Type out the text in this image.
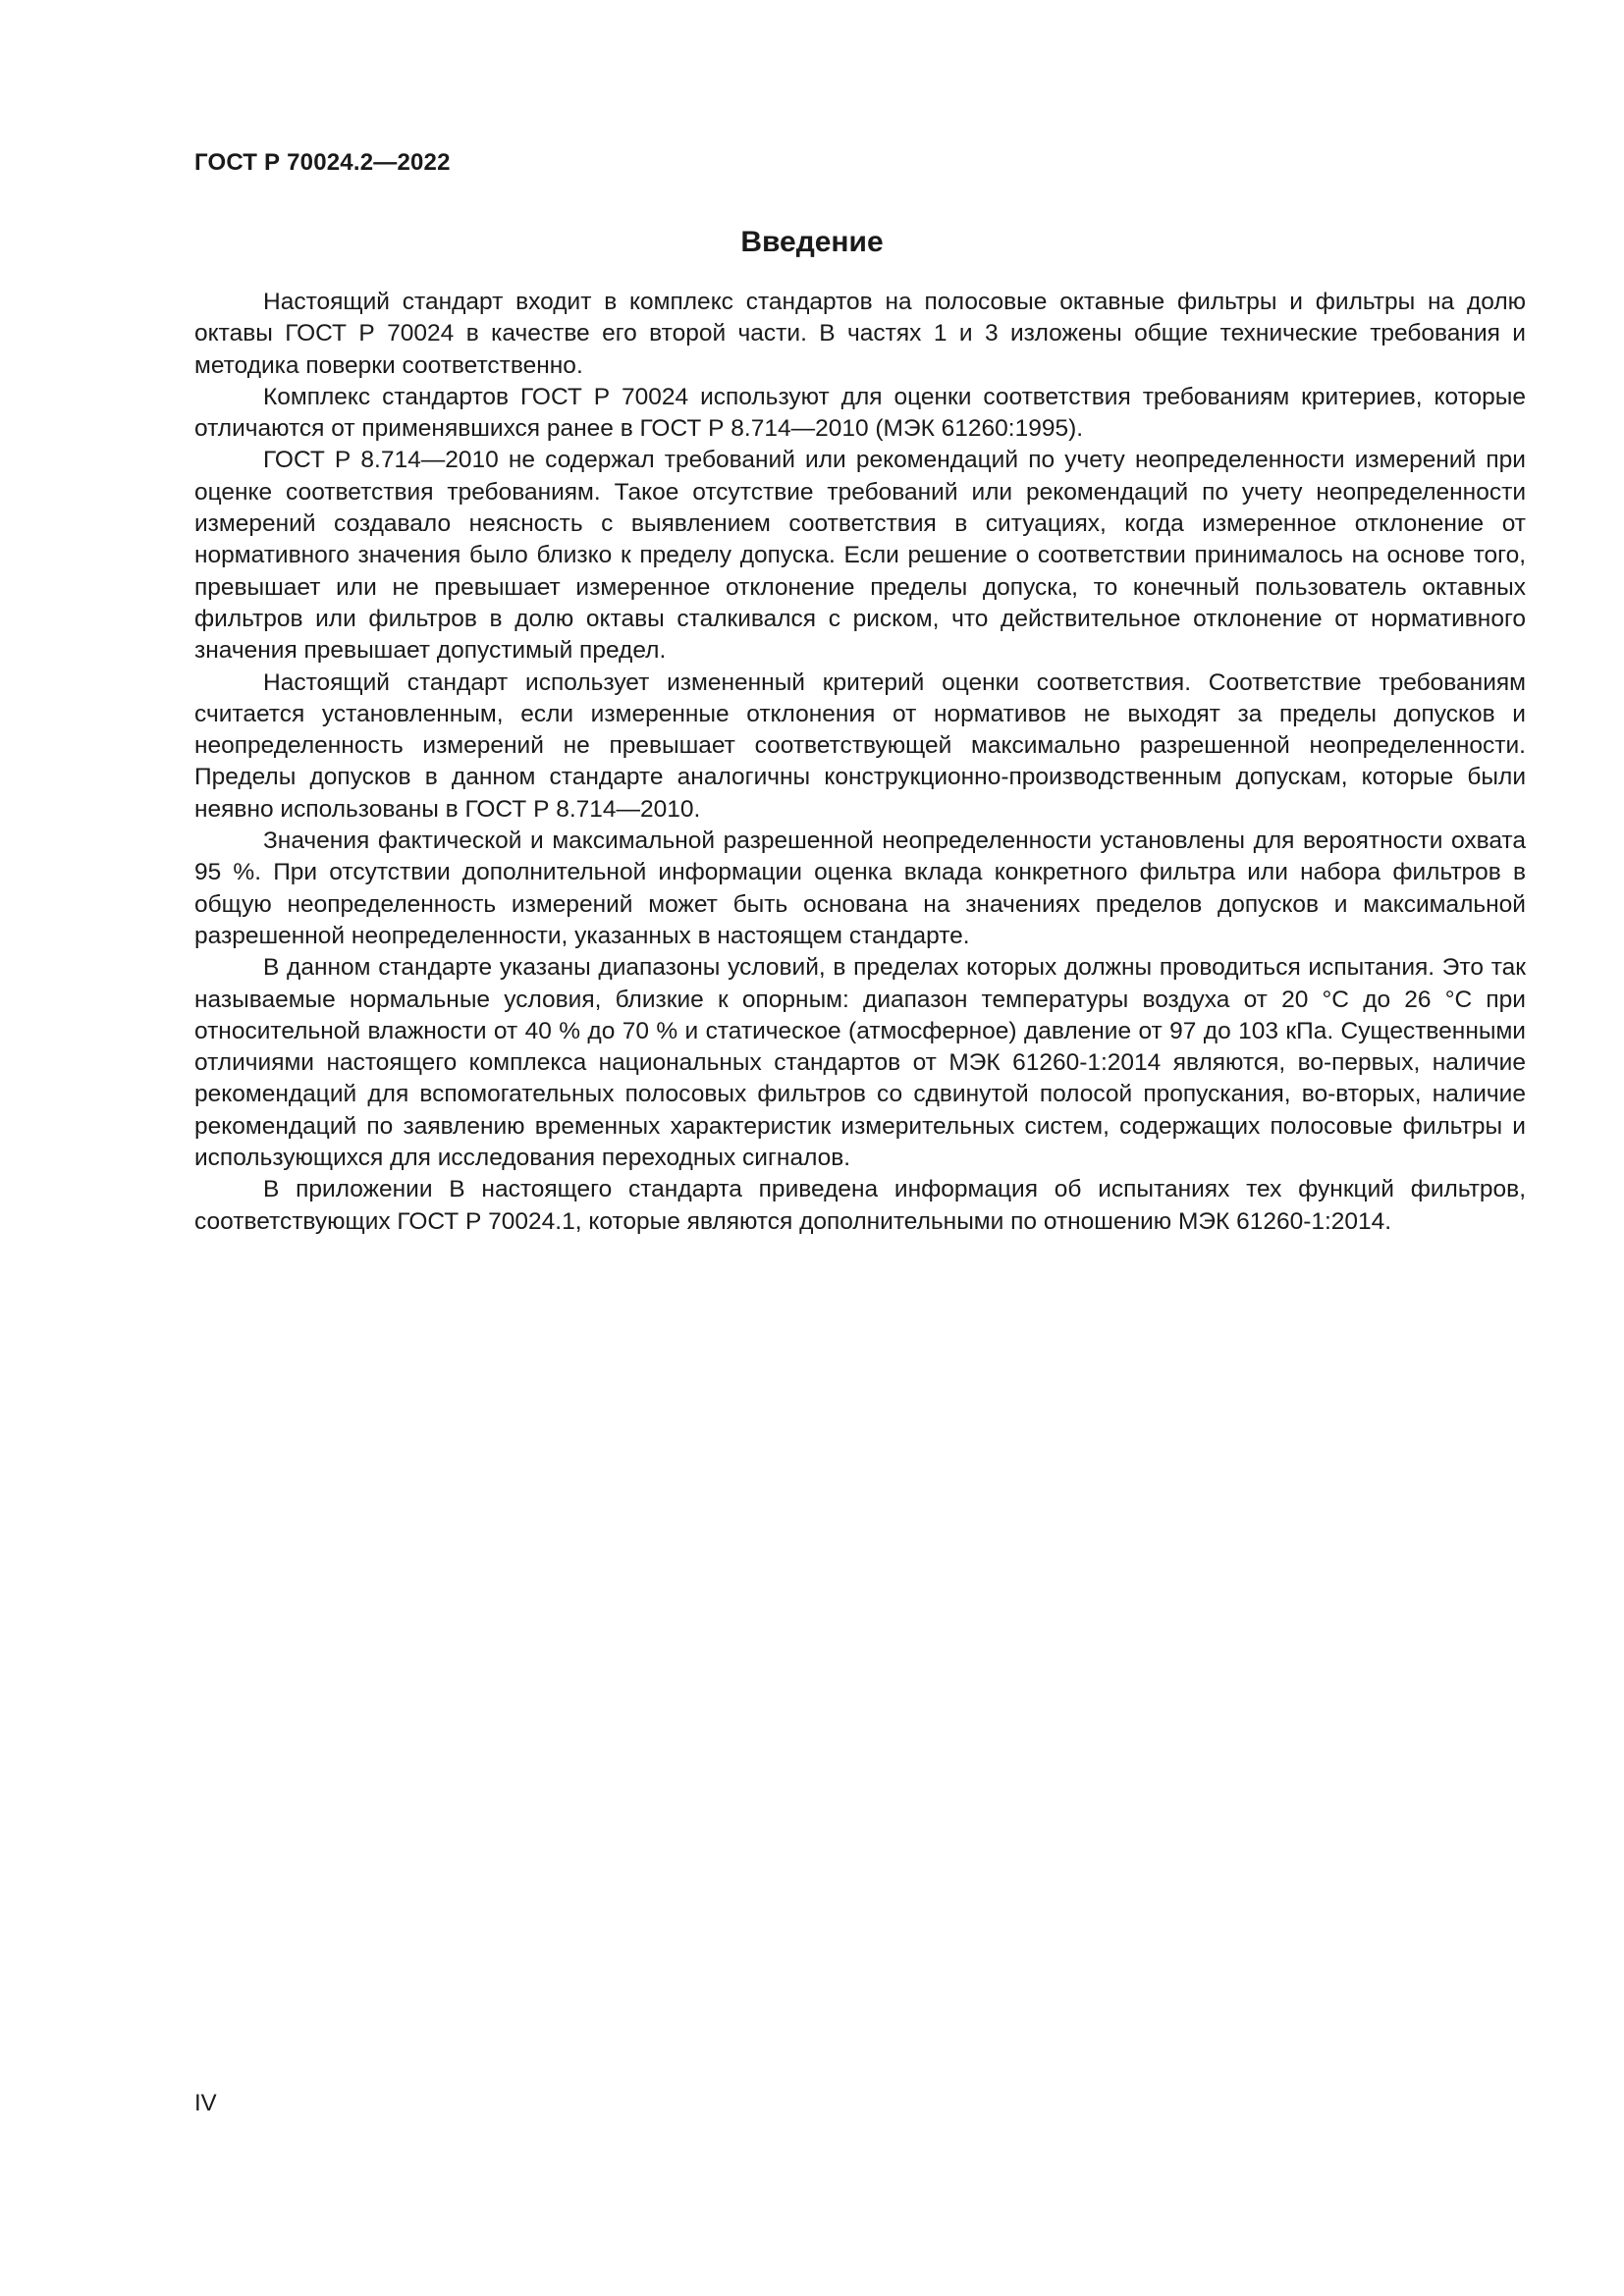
ГОСТ Р 70024.2—2022
Введение

Настоящий стандарт входит в комплекс стандартов на полосовые октавные фильтры и фильтры на долю октавы ГОСТ Р 70024 в качестве его второй части. В частях 1 и 3 изложены общие технические требования и методика поверки соответственно.

Комплекс стандартов ГОСТ Р 70024 используют для оценки соответствия требованиям критериев, которые отличаются от применявшихся ранее в ГОСТ Р 8.714—2010 (МЭК 61260:1995).

ГОСТ Р 8.714—2010 не содержал требований или рекомендаций по учету неопределенности измерений при оценке соответствия требованиям. Такое отсутствие требований или рекомендаций по учету неопределенности измерений создавало неясность с выявлением соответствия в ситуациях, когда измеренное отклонение от нормативного значения было близко к пределу допуска. Если решение о соответствии принималось на основе того, превышает или не превышает измеренное отклонение пределы допуска, то конечный пользователь октавных фильтров или фильтров в долю октавы сталкивался с риском, что действительное отклонение от нормативного значения превышает допустимый предел.

Настоящий стандарт использует измененный критерий оценки соответствия. Соответствие требованиям считается установленным, если измеренные отклонения от нормативов не выходят за пределы допусков и неопределенность измерений не превышает соответствующей максимально разрешенной неопределенности. Пределы допусков в данном стандарте аналогичны конструкционно-производственным допускам, которые были неявно использованы в ГОСТ Р 8.714—2010.

Значения фактической и максимальной разрешенной неопределенности установлены для вероятности охвата 95 %. При отсутствии дополнительной информации оценка вклада конкретного фильтра или набора фильтров в общую неопределенность измерений может быть основана на значениях пределов допусков и максимальной разрешенной неопределенности, указанных в настоящем стандарте.

В данном стандарте указаны диапазоны условий, в пределах которых должны проводиться испытания. Это так называемые нормальные условия, близкие к опорным: диапазон температуры воздуха от 20 °С до 26 °С при относительной влажности от 40 % до 70 % и статическое (атмосферное) давление от 97 до 103 кПа. Существенными отличиями настоящего комплекса национальных стандартов от МЭК 61260-1:2014 являются, во-первых, наличие рекомендаций для вспомогательных полосовых фильтров со сдвинутой полосой пропускания, во-вторых, наличие рекомендаций по заявлению временных характеристик измерительных систем, содержащих полосовые фильтры и использующихся для исследования переходных сигналов.

В приложении В настоящего стандарта приведена информация об испытаниях тех функций фильтров, соответствующих ГОСТ Р 70024.1, которые являются дополнительными по отношению МЭК 61260-1:2014.

IV
